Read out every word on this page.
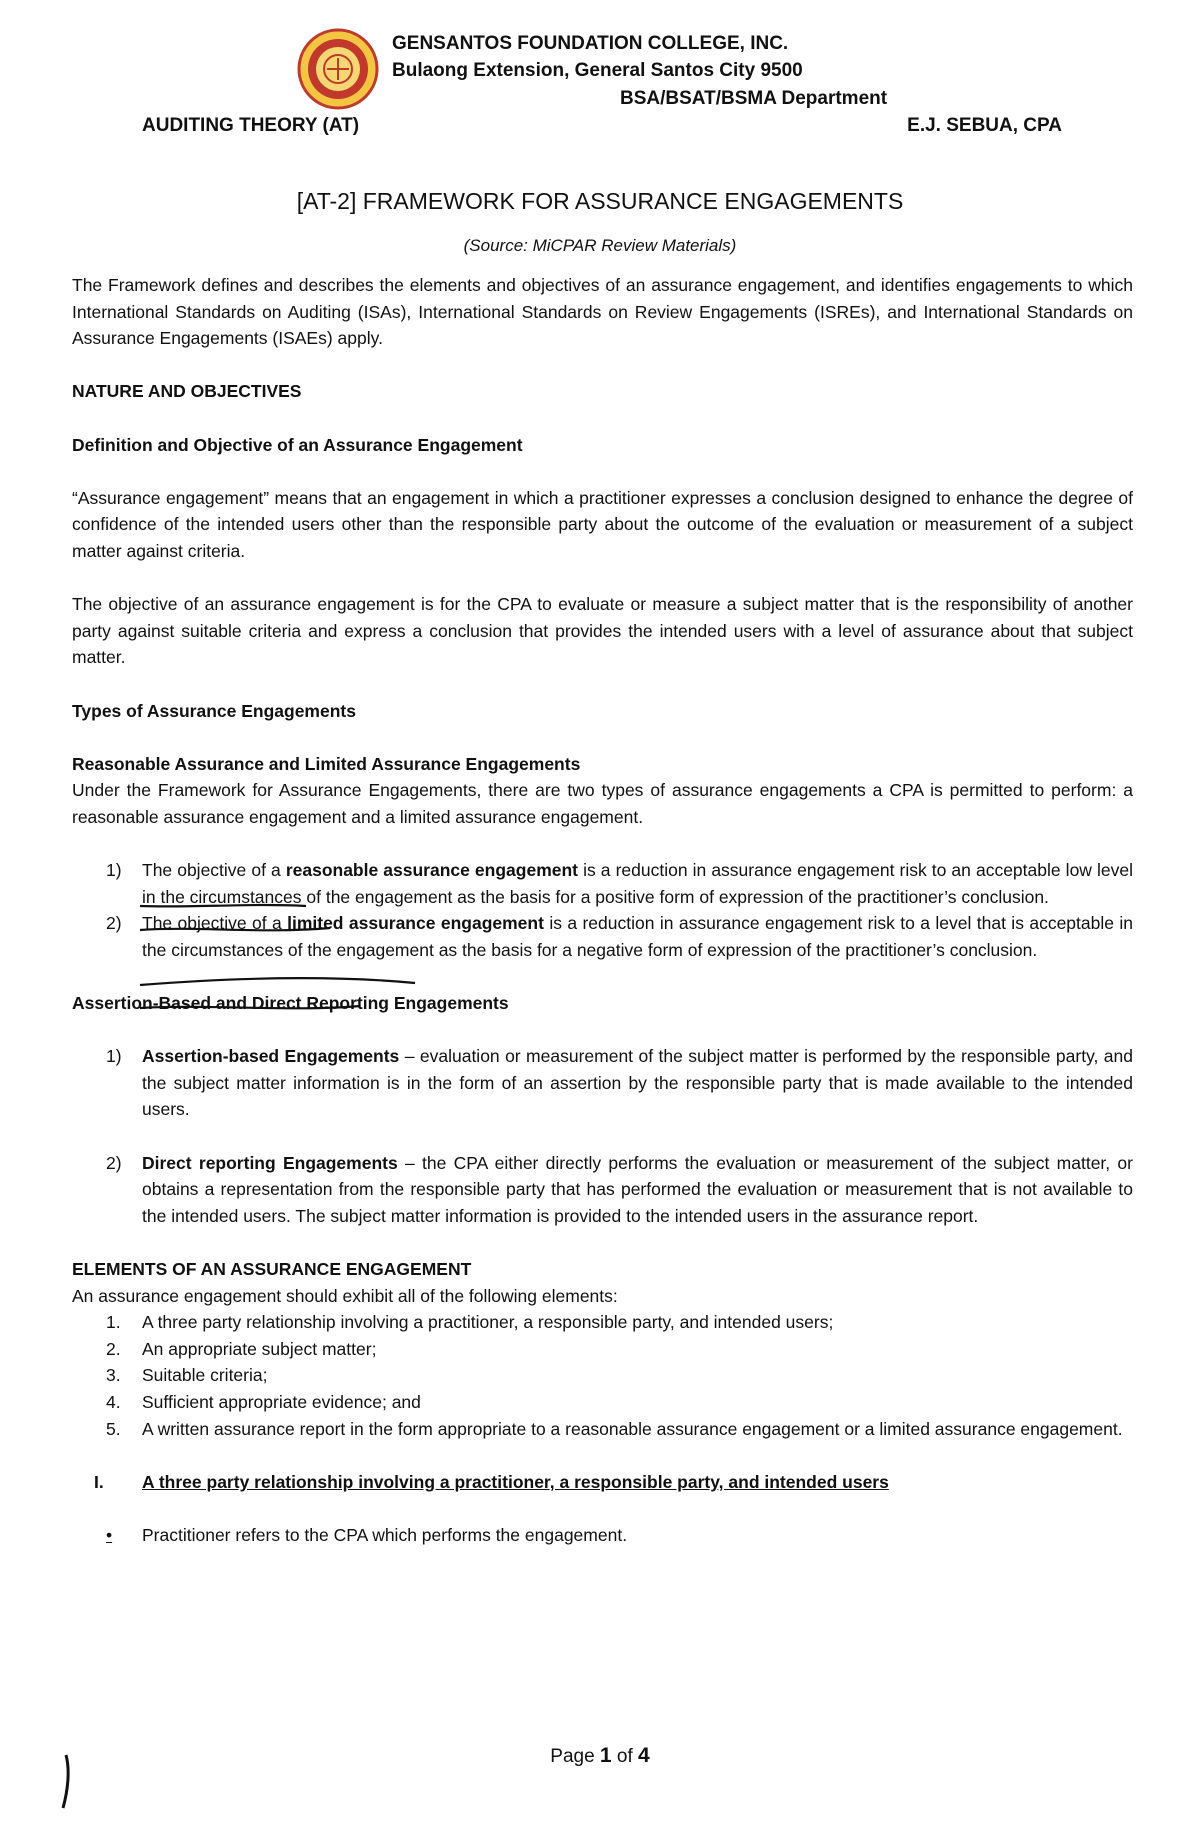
GENSANTOS FOUNDATION COLLEGE, INC.
Bulaong Extension, General Santos City 9500
BSA/BSAT/BSMA Department
AUDITING THEORY (AT)	E.J. SEBUA, CPA
[AT-2] FRAMEWORK FOR ASSURANCE ENGAGEMENTS
(Source: MiCPAR Review Materials)

The Framework defines and describes the elements and objectives of an assurance engagement, and identifies engagements to which International Standards on Auditing (ISAs), International Standards on Review Engagements (ISREs), and International Standards on Assurance Engagements (ISAEs) apply.

NATURE AND OBJECTIVES

Definition and Objective of an Assurance Engagement

“Assurance engagement” means that an engagement in which a practitioner expresses a conclusion designed to enhance the degree of confidence of the intended users other than the responsible party about the outcome of the evaluation or measurement of a subject matter against criteria.

The objective of an assurance engagement is for the CPA to evaluate or measure a subject matter that is the responsibility of another party against suitable criteria and express a conclusion that provides the intended users with a level of assurance about that subject matter.

Types of Assurance Engagements

Reasonable Assurance and Limited Assurance Engagements

Under the Framework for Assurance Engagements, there are two types of assurance engagements a CPA is permitted to perform: a reasonable assurance engagement and a limited assurance engagement.

1) The objective of a reasonable assurance engagement is a reduction in assurance engagement risk to an acceptable low level in the circumstances of the engagement as the basis for a positive form of expression of the practitioner’s conclusion.
2) The objective of a limited assurance engagement is a reduction in assurance engagement risk to a level that is acceptable in the circumstances of the engagement as the basis for a negative form of expression of the practitioner’s conclusion.

Assertion-Based and Direct Reporting Engagements

1) Assertion-based Engagements – evaluation or measurement of the subject matter is performed by the responsible party, and the subject matter information is in the form of an assertion by the responsible party that is made available to the intended users.
2) Direct reporting Engagements – the CPA either directly performs the evaluation or measurement of the subject matter, or obtains a representation from the responsible party that has performed the evaluation or measurement that is not available to the intended users. The subject matter information is provided to the intended users in the assurance report.

ELEMENTS OF AN ASSURANCE ENGAGEMENT

An assurance engagement should exhibit all of the following elements:

1. A three party relationship involving a practitioner, a responsible party, and intended users;
2. An appropriate subject matter;
3. Suitable criteria;
4. Sufficient appropriate evidence; and
5. A written assurance report in the form appropriate to a reasonable assurance engagement or a limited assurance engagement.

I. A three party relationship involving a practitioner, a responsible party, and intended users

• Practitioner refers to the CPA which performs the engagement.

Page 1 of 4
